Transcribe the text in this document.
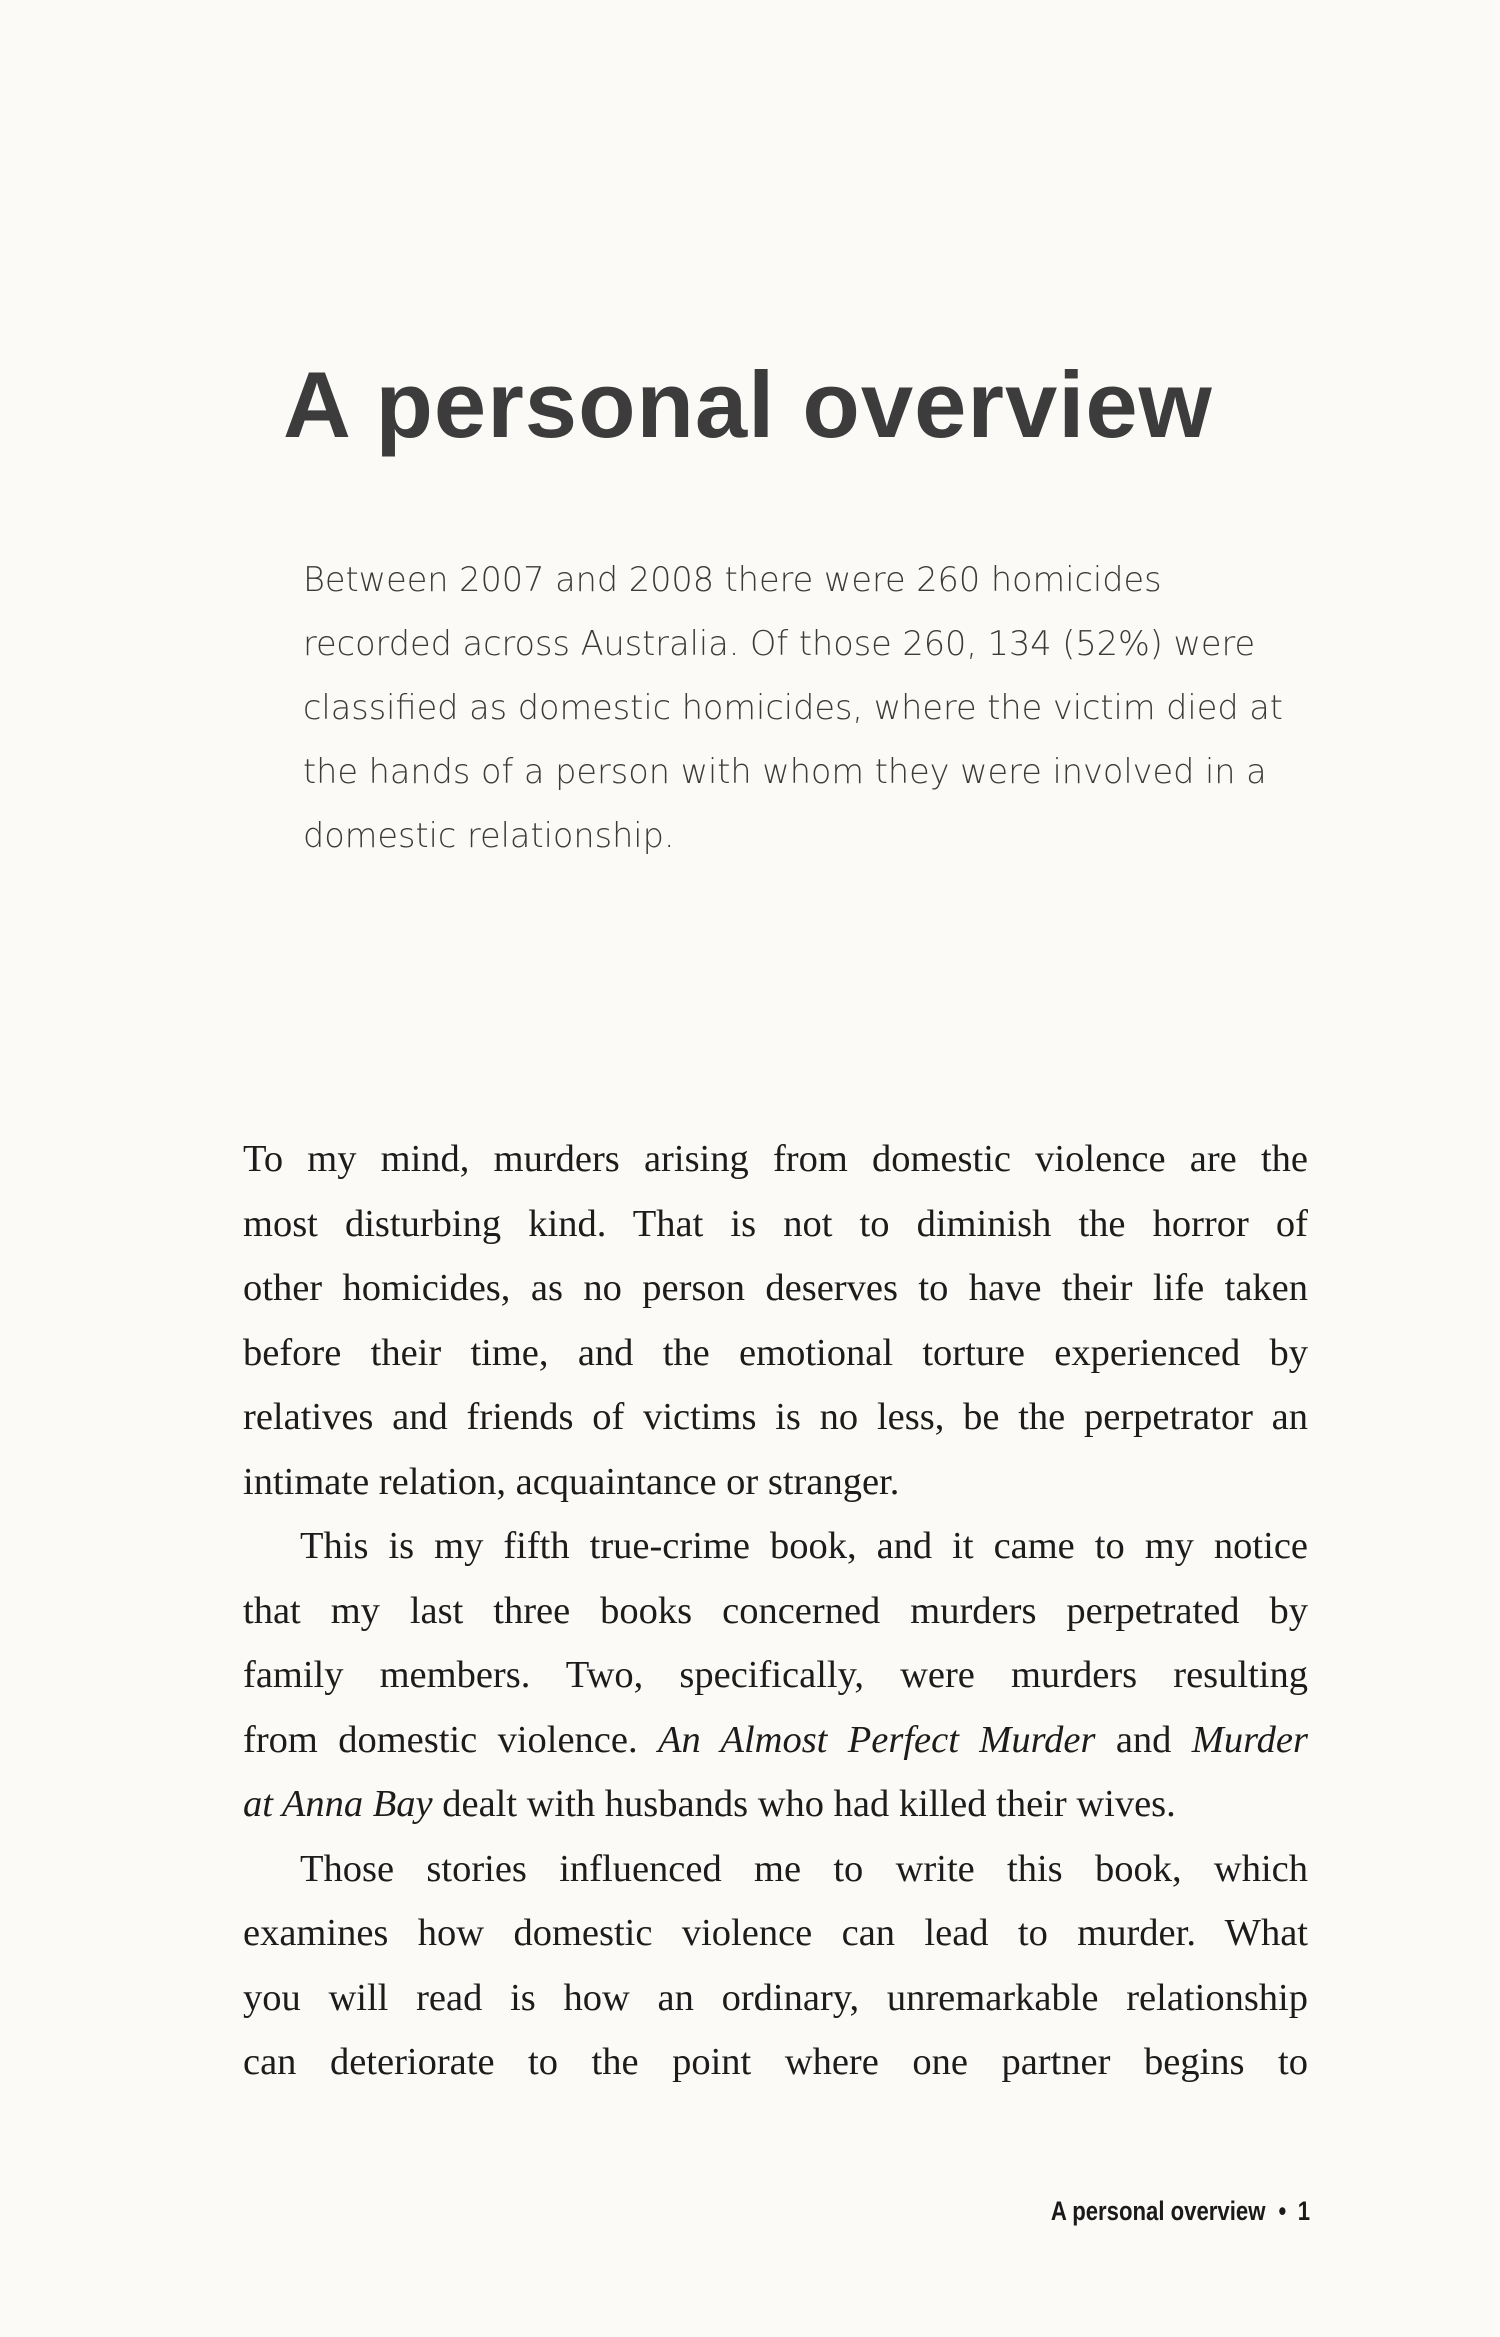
A personal overview

Between 2007 and 2008 there were 260 homicides
recorded across Australia. Of those 260, 134 (52%) were
classified as domestic homicides, where the victim died at
the hands of a person with whom they were involved in a
domestic relationship.

To my mind, murders arising from domestic violence are the
most disturbing kind. That is not to diminish the horror of
other homicides, as no person deserves to have their life taken
before their time, and the emotional torture experienced by
relatives and friends of victims is no less, be the perpetrator an
intimate relation, acquaintance or stranger.
This is my fifth true-crime book, and it came to my notice
that my last three books concerned murders perpetrated by
family members. Two, specifically, were murders resulting
from domestic violence. An Almost Perfect Murder and Murder
at Anna Bay dealt with husbands who had killed their wives.
Those stories influenced me to write this book, which
examines how domestic violence can lead to murder. What
you will read is how an ordinary, unremarkable relationship
can deteriorate to the point where one partner begins to
A personal overview • 1
